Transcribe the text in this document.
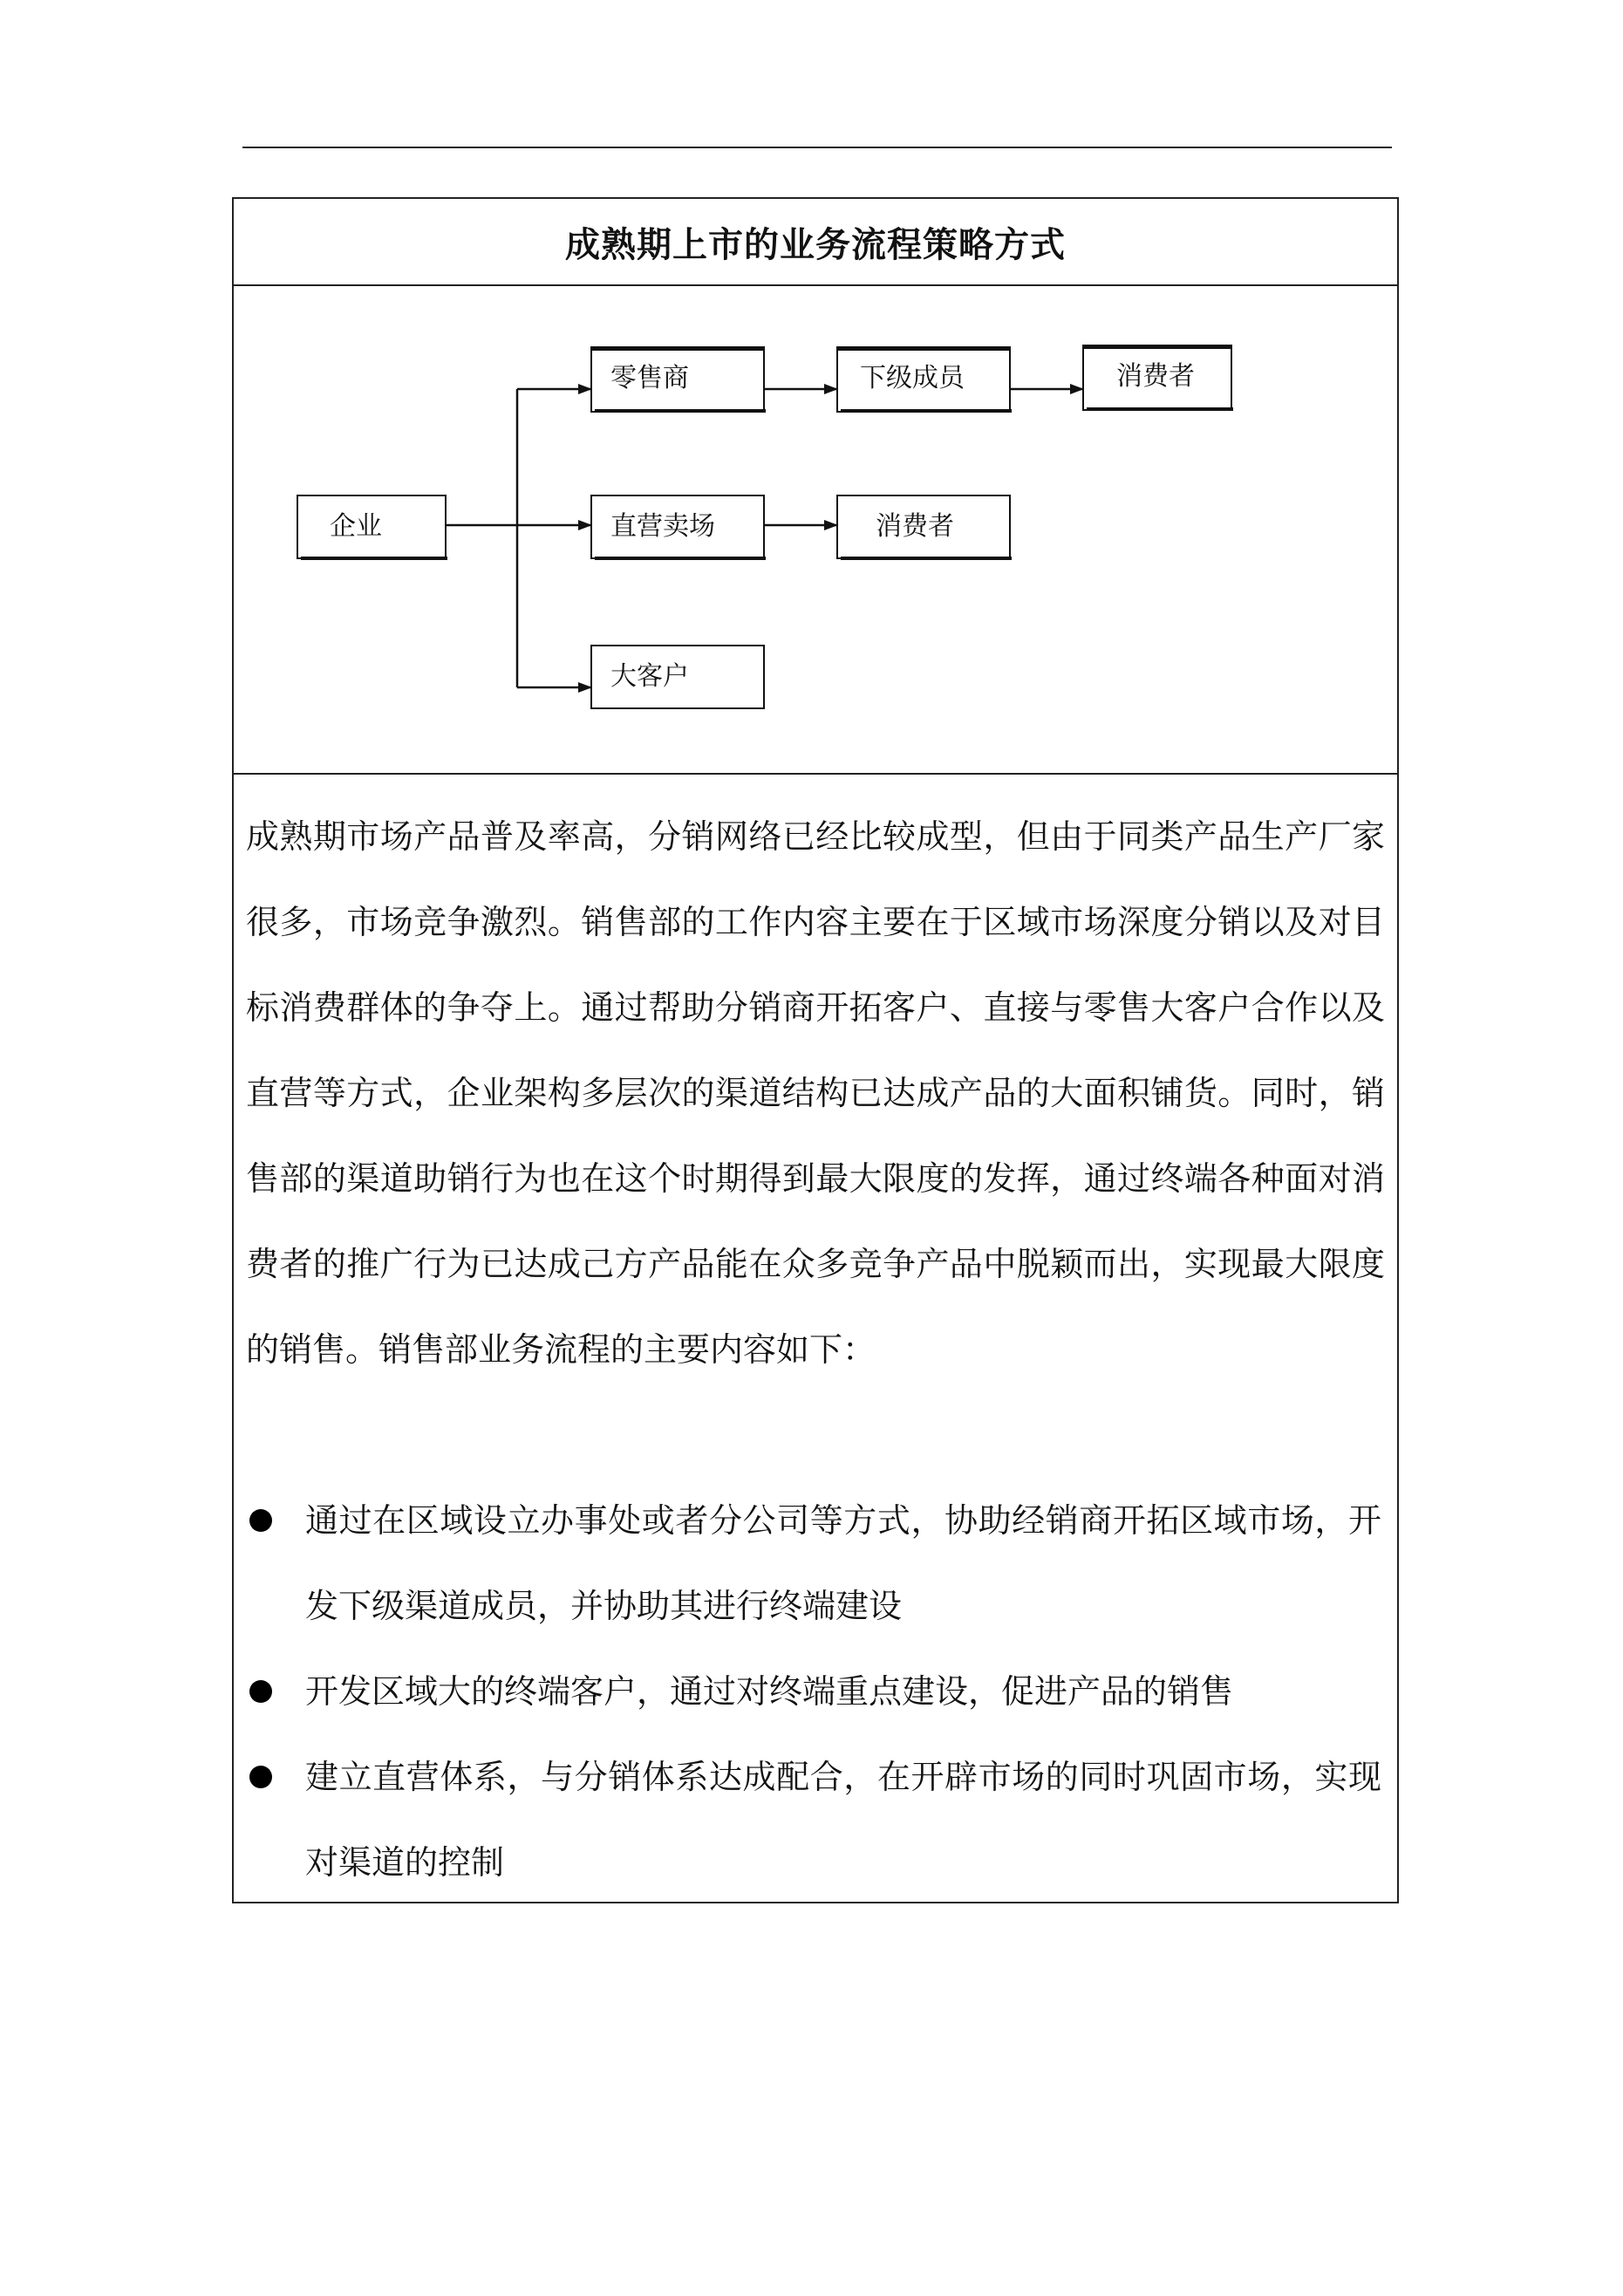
成熟期上市的业务流程策略方式
企业
零售商	下级成员	消费者
直营卖场	消费者
大客户

成熟期市场产品普及率高，分销网络已经比较成型，但由于同类产品生产厂家很多，市场竞争激烈。销售部的工作内容主要在于区域市场深度分销以及对目标消费群体的争夺上。通过帮助分销商开拓客户、直接与零售大客户合作以及直营等方式，企业架构多层次的渠道结构已达成产品的大面积铺货。同时，销售部的渠道助销行为也在这个时期得到最大限度的发挥，通过终端各种面对消费者的推广行为已达成己方产品能在众多竞争产品中脱颖而出，实现最大限度的销售。销售部业务流程的主要内容如下：

通过在区域设立办事处或者分公司等方式，协助经销商开拓区域市场，开发下级渠道成员，并协助其进行终端建设
开发区域大的终端客户，通过对终端重点建设，促进产品的销售
建立直营体系，与分销体系达成配合，在开辟市场的同时巩固市场，实现对渠道的控制
